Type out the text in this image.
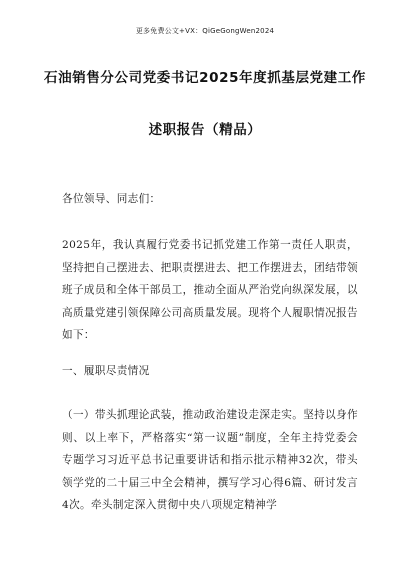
更多免费公文+VX：QiGeGongWen2024
石油销售分公司党委书记2025年度抓基层党建工作
述职报告（精品）
各位领导、同志们：
2025年，我认真履行党委书记抓党建工作第一责任人职责，坚持把自己摆进去、把职责摆进去、把工作摆进去，团结带领班子成员和全体干部员工，推动全面从严治党向纵深发展，以高质量党建引领保障公司高质量发展。现将个人履职情况报告如下：
一、履职尽责情况
（一）带头抓理论武装，推动政治建设走深走实。坚持以身作则、以上率下，严格落实“第一议题”制度，全年主持党委会专题学习习近平总书记重要讲话和指示批示精神32次，带头领学党的二十届三中全会精神，撰写学习心得6篇、研讨发言4次。牵头制定深入贯彻中央八项规定精神学
